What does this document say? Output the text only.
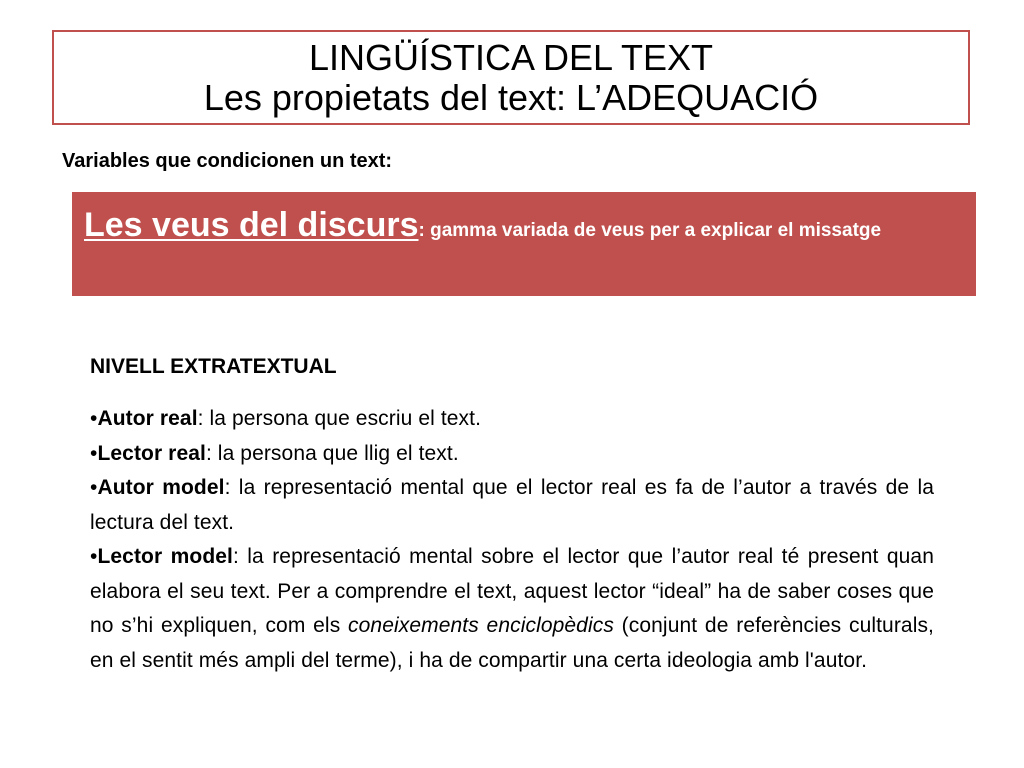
LINGÜÍSTICA DEL TEXT
Les propietats del text: L’ADEQUACIÓ
Variables que condicionen un text:
Les veus del discurs: gamma variada de veus per a explicar el missatge
NIVELL EXTRATEXTUAL
•Autor real: la persona que escriu el text.
•Lector real: la persona que llig el text.
•Autor model: la representació mental que el lector real es fa de l’autor a través de la lectura del text.
•Lector model: la representació mental sobre el lector que l’autor real té present quan elabora el seu text. Per a comprendre el text, aquest lector “ideal” ha de saber coses que no s’hi expliquen, com els coneixements enciclopèdics (conjunt de referències culturals, en el sentit més ampli del terme), i ha de compartir una certa ideologia amb l'autor.
